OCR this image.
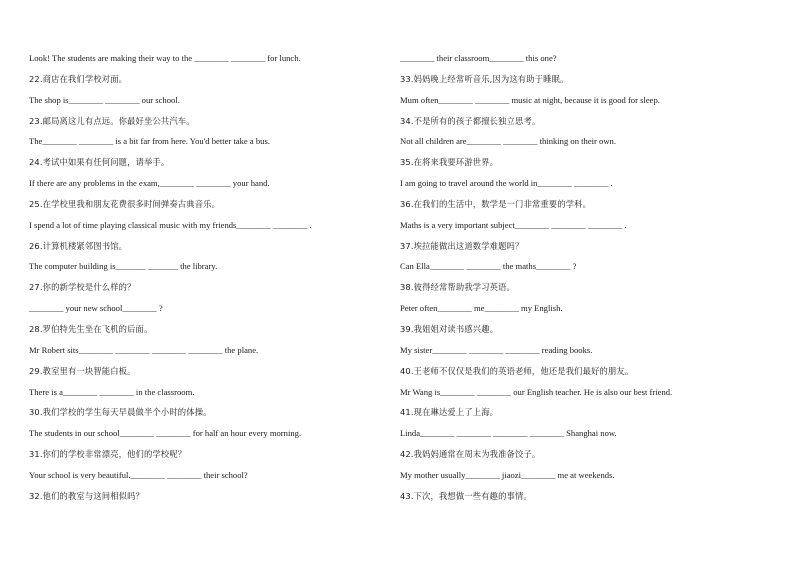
Look! The students are making their way to the ________ ________ for lunch.
22.商店在我们学校对面。
The shop is________ ________ our school.
23.邮局离这儿有点远。你最好坐公共汽车。
The________ ________ is a bit far from here. You'd better take a bus.
24.考试中如果有任何问题，请举手。
If there are any problems in the exam,________ ________ your hand.
25.在学校里我和朋友花费很多时间弹奏古典音乐。
I spend a lot of time playing classical music with my friends________ ________ .
26.计算机楼紧邻图书馆。
The computer building is_______ _______ the library.
27.你的新学校是什么样的？
________ your new school________ ?
28.罗伯特先生坐在飞机的后面。
Mr Robert sits________ ________ ________ ________ the plane.
29.教室里有一块智能白板。
There is a________ ________ in the classroom.
30.我们学校的学生每天早晨做半个小时的体操。
The students in our school________ ________ for half an hour every morning.
31.你们的学校非常漂亮，他们的学校呢？
Your school is very beautiful.________ ________ their school?
32.他们的教室与这间相似吗？
________ their classroom________ this one?
33.妈妈晚上经常听音乐,因为这有助于睡眠。
Mum often________ ________ music at night, because it is good for sleep.
34.不是所有的孩子都擅长独立思考。
Not all children are________ ________ thinking on their own.
35.在将来我要环游世界。
I am going to travel around the world in________ ________ .
36.在我们的生活中，数学是一门非常重要的学科。
Maths is a very important subject________ ________ ________ .
37.埃拉能做出这道数学难题吗？
Can Ella________ ________ the maths________ ?
38.彼得经常帮助我学习英语。
Peter often________ me________ my English.
39.我姐姐对读书感兴趣。
My sister________ ________ ________ reading books.
40.王老师不仅仅是我们的英语老师，他还是我们最好的朋友。
Mr Wang is________ ________ our English teacher. He is also our best friend.
41.现在琳达爱上了上海。
Linda________ ________ ________ ________ Shanghai now.
42.我妈妈通常在周末为我准备饺子。
My mother usually________ jiaozi________ me at weekends.
43.下次，我想做一些有趣的事情。
